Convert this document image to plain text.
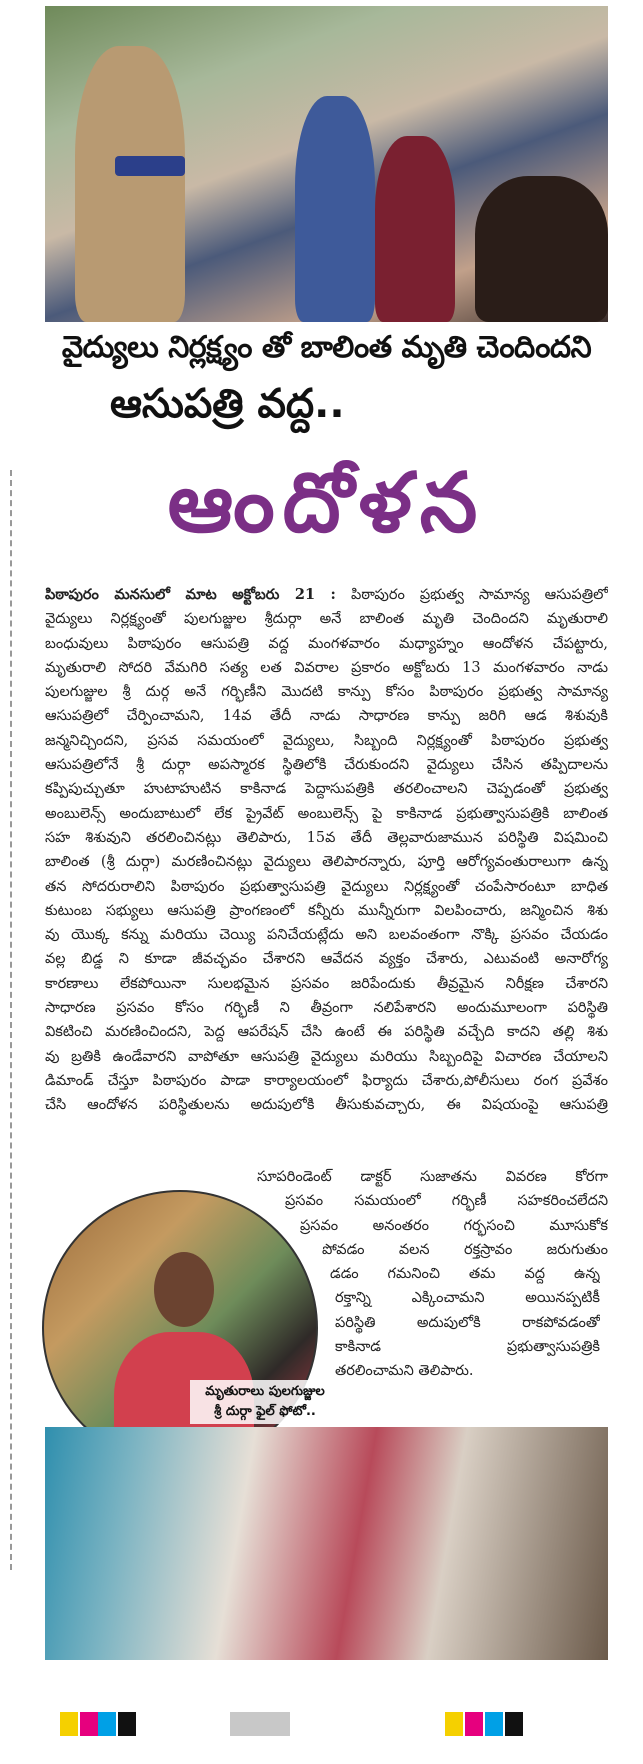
వైద్యులు నిర్లక్ష్యం తో బాలింత మృతి చెందిందని
ఆసుపత్రి వద్ద..
ఆందోళన
పిఠాపురం మనసులో మాట అక్టోబరు 21 : పిఠాపురం ప్రభుత్వ సామాన్య ఆసుపత్రిలో
వైద్యులు నిర్లక్ష్యంతో పులగుజ్జుల శ్రీదుర్గా అనే బాలింత మృతి చెందిందని మృతురాలి
బంధువులు పిఠాపురం ఆసుపత్రి వద్ద మంగళవారం మధ్యాహ్నం ఆందోళన చేపట్టారు,
మృతురాలి సోదరి వేమగిరి సత్య లత వివరాల ప్రకారం అక్టోబరు 13 మంగళవారం నాడు
పులగుజ్జుల శ్రీ దుర్గ అనే గర్భిణీని మొదటి కాన్పు కోసం పిఠాపురం ప్రభుత్వ సామాన్య
ఆసుపత్రిలో చేర్పించామని, 14వ తేదీ నాడు సాధారణ కాన్పు జరిగి ఆడ శిశువుకి
జన్మనిచ్చిందని, ప్రసవ సమయంలో వైద్యులు, సిబ్బంది నిర్లక్ష్యంతో పిఠాపురం ప్రభుత్వ
ఆసుపత్రిలోనే శ్రీ దుర్గా అపస్మారక స్థితిలోకి చేరుకుందని వైద్యులు చేసిన తప్పిదాలను
కప్పిపుచ్చుతూ హుటాహుటిన కాకినాడ పెద్దాసుపత్రికి తరలించాలని చెప్పడంతో ప్రభుత్వ
అంబులెన్స్ అందుబాటులో లేక ప్రైవేట్ అంబులెన్స్ పై కాకినాడ ప్రభుత్వాసుపత్రికి బాలింత
సహ శిశువుని తరలించినట్లు తెలిపారు, 15వ తేదీ తెల్లవారుజామున పరిస్థితి విషమించి
బాలింత (శ్రీ దుర్గా) మరణించినట్లు వైద్యులు తెలిపారన్నారు, పూర్తి ఆరోగ్యవంతురాలుగా ఉన్న
తన సోదరురాలిని పిఠాపురం ప్రభుత్వాసుపత్రి వైద్యులు నిర్లక్ష్యంతో చంపేసారంటూ బాధిత
కుటుంబ సభ్యులు ఆసుపత్రి ప్రాంగణంలో కన్నీరు మున్నీరుగా విలపించారు, జన్మించిన శిశు
వు యొక్క కన్ను మరియు చెయ్యి పనిచేయట్లేదు అని బలవంతంగా నొక్కి ప్రసవం చేయడం
వల్ల బిడ్డ ని కూడా జీవచ్ఛవం చేశారని ఆవేదన వ్యక్తం చేశారు, ఎటువంటి అనారోగ్య
కారణాలు లేకపోయినా సులభమైన ప్రసవం జరిపేందుకు తీవ్రమైన నిరీక్షణ చేశారని
సాధారణ ప్రసవం కోసం గర్భిణీ ని తీవ్రంగా నలిపేశారని అందుమూలంగా పరిస్థితి
వికటించి మరణించిందని, పెద్ద ఆపరేషన్ చేసి ఉంటే ఈ పరిస్థితి వచ్చేది కాదని తల్లి శిశు
వు బ్రతికి ఉండేవారని వాపోతూ ఆసుపత్రి వైద్యులు మరియు సిబ్బందిపై విచారణ చేయాలని
డిమాండ్ చేస్తూ పిఠాపురం పాడా కార్యాలయంలో ఫిర్యాదు చేశారు,పోలీసులు రంగ ప్రవేశం
చేసి ఆందోళన పరిస్థితులను అదుపులోకి తీసుకువచ్చారు, ఈ విషయంపై ఆసుపత్రి
సూపరిండెంట్ డాక్టర్ సుజాతను వివరణ కోరగా
ప్రసవం సమయంలో గర్భిణీ సహకరించలేదని
ప్రసవం అనంతరం గర్భసంచి మూసుకోక
పోవడం వలన రక్తస్రావం జరుగుతుం
డడం గమనించి తమ వద్ద ఉన్న
రక్తాన్ని ఎక్కించామని అయినప్పటికీ
పరిస్థితి అదుపులోకి రాకపోవడంతో
కాకినాడ ప్రభుత్వాసుపత్రికి
తరలించామని తెలిపారు.
మృతురాలు పులగుజ్జుల
శ్రీ దుర్గా ఫైల్ ఫోటో..
